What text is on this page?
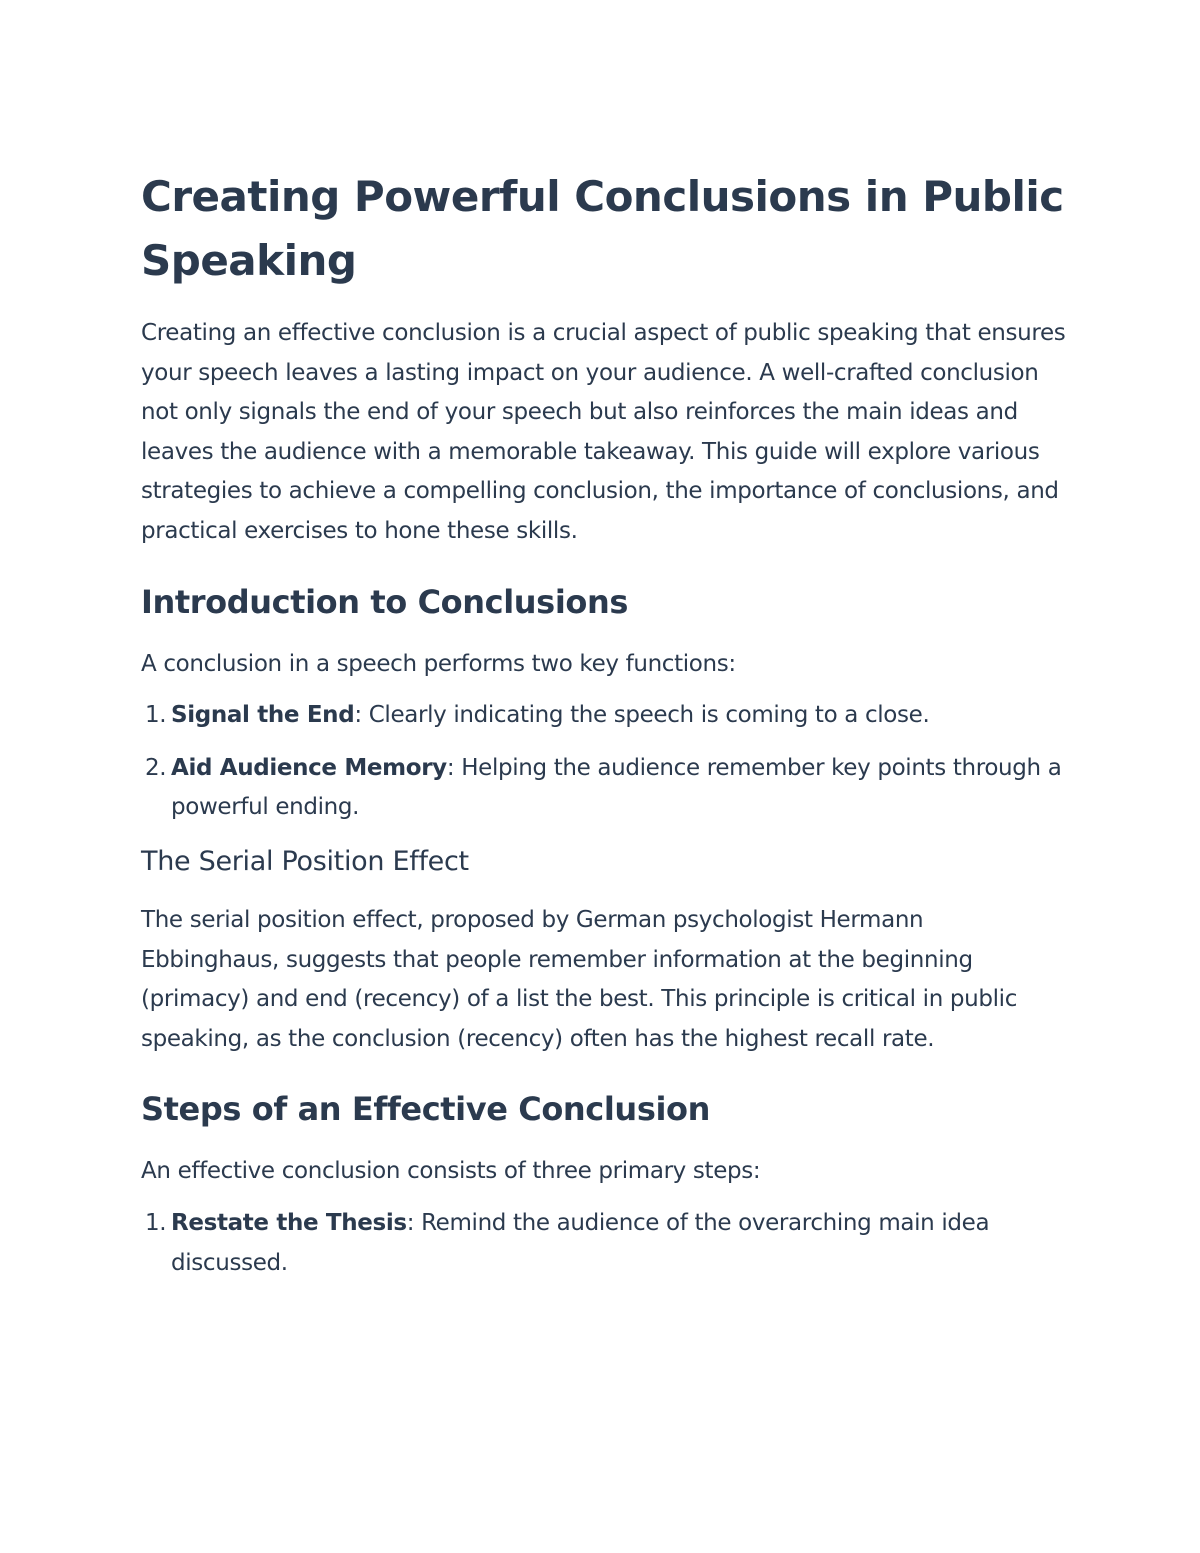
Creating Powerful Conclusions in Public Speaking

Creating an effective conclusion is a crucial aspect of public speaking that ensures your speech leaves a lasting impact on your audience. A well-crafted conclusion not only signals the end of your speech but also reinforces the main ideas and leaves the audience with a memorable takeaway. This guide will explore various strategies to achieve a compelling conclusion, the importance of conclusions, and practical exercises to hone these skills.

Introduction to Conclusions

A conclusion in a speech performs two key functions:

1. Signal the End: Clearly indicating the speech is coming to a close.
2. Aid Audience Memory: Helping the audience remember key points through a powerful ending.
The Serial Position Effect

The serial position effect, proposed by German psychologist Hermann Ebbinghaus, suggests that people remember information at the beginning (primacy) and end (recency) of a list the best. This principle is critical in public speaking, as the conclusion (recency) often has the highest recall rate.

Steps of an Effective Conclusion

An effective conclusion consists of three primary steps:

1. Restate the Thesis: Remind the audience of the overarching main idea discussed.
